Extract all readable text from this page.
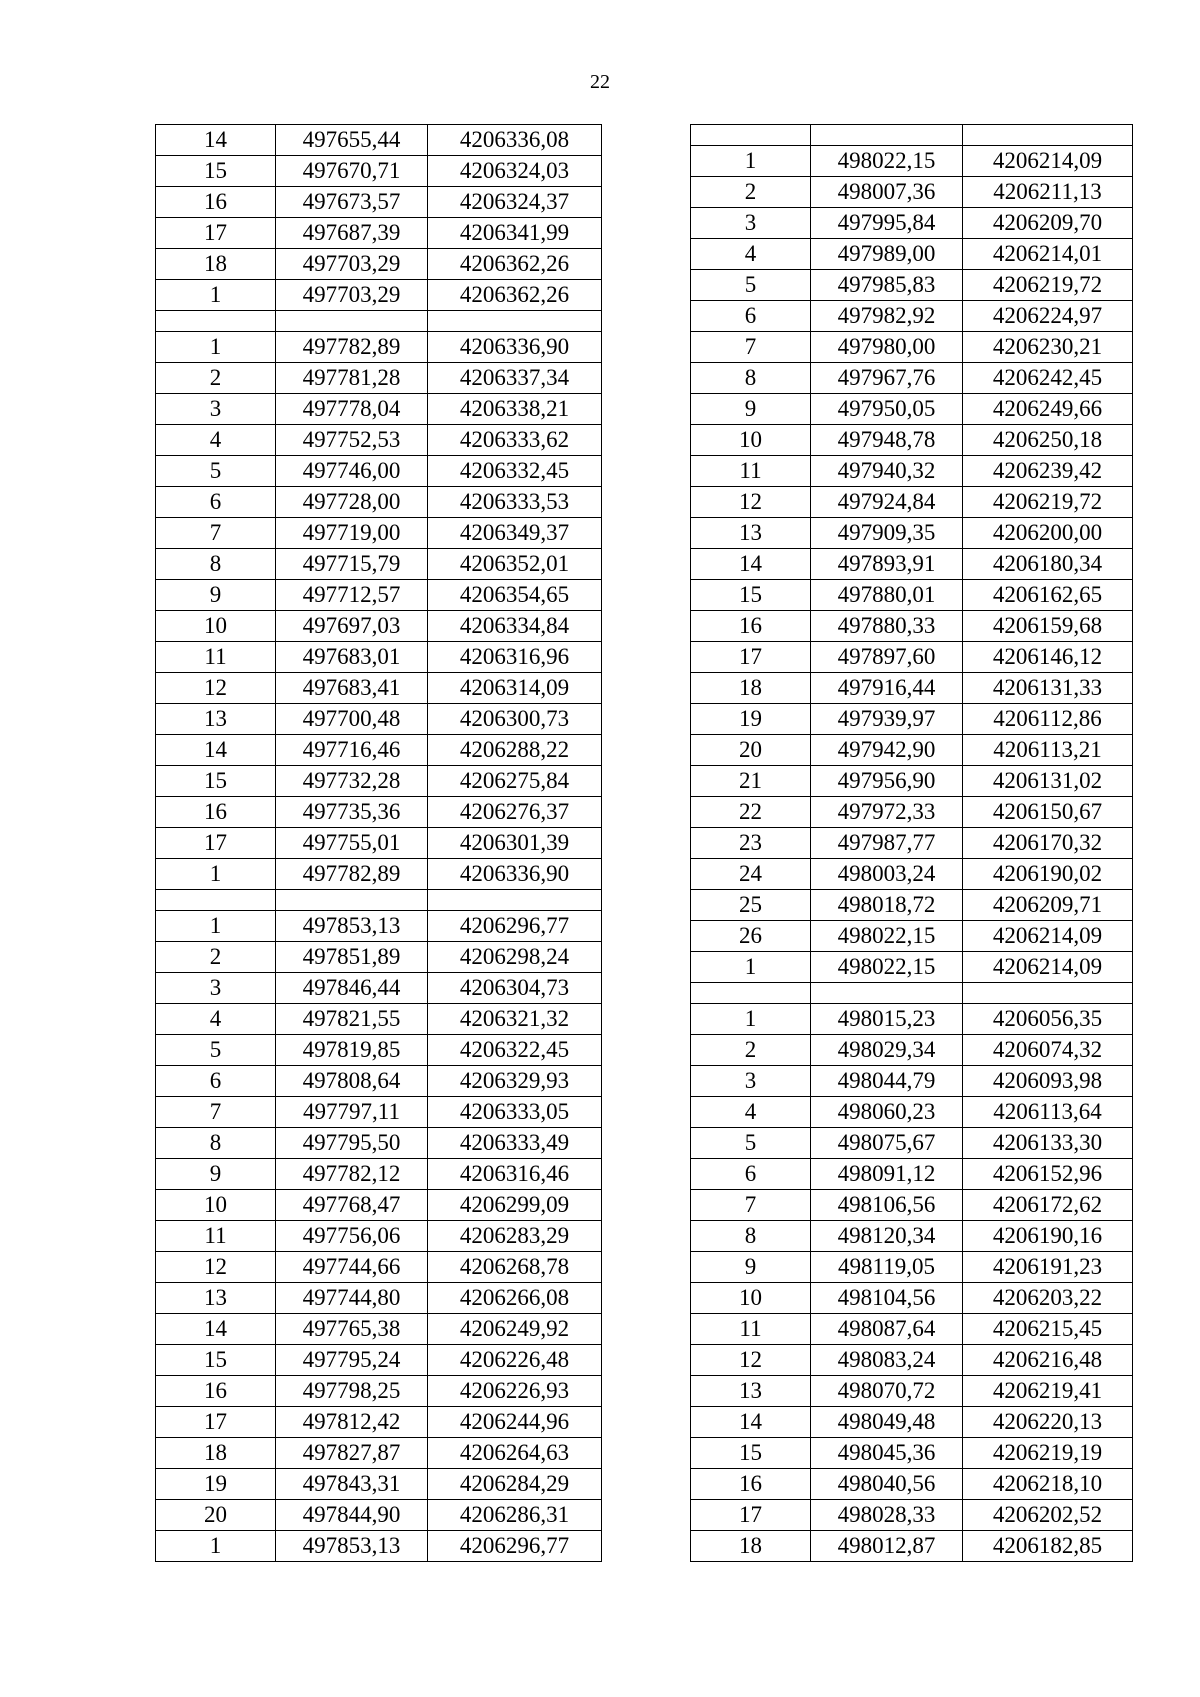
22
14	497655,44	4206336,08
15	497670,71	4206324,03
16	497673,57	4206324,37
17	497687,39	4206341,99
18	497703,29	4206362,26
1	497703,29	4206362,26

1	497782,89	4206336,90
2	497781,28	4206337,34
3	497778,04	4206338,21
4	497752,53	4206333,62
5	497746,00	4206332,45
6	497728,00	4206333,53
7	497719,00	4206349,37
8	497715,79	4206352,01
9	497712,57	4206354,65
10	497697,03	4206334,84
11	497683,01	4206316,96
12	497683,41	4206314,09
13	497700,48	4206300,73
14	497716,46	4206288,22
15	497732,28	4206275,84
16	497735,36	4206276,37
17	497755,01	4206301,39
1	497782,89	4206336,90

1	497853,13	4206296,77
2	497851,89	4206298,24
3	497846,44	4206304,73
4	497821,55	4206321,32
5	497819,85	4206322,45
6	497808,64	4206329,93
7	497797,11	4206333,05
8	497795,50	4206333,49
9	497782,12	4206316,46
10	497768,47	4206299,09
11	497756,06	4206283,29
12	497744,66	4206268,78
13	497744,80	4206266,08
14	497765,38	4206249,92
15	497795,24	4206226,48
16	497798,25	4206226,93
17	497812,42	4206244,96
18	497827,87	4206264,63
19	497843,31	4206284,29
20	497844,90	4206286,31
1	497853,13	4206296,77

1	498022,15	4206214,09
2	498007,36	4206211,13
3	497995,84	4206209,70
4	497989,00	4206214,01
5	497985,83	4206219,72
6	497982,92	4206224,97
7	497980,00	4206230,21
8	497967,76	4206242,45
9	497950,05	4206249,66
10	497948,78	4206250,18
11	497940,32	4206239,42
12	497924,84	4206219,72
13	497909,35	4206200,00
14	497893,91	4206180,34
15	497880,01	4206162,65
16	497880,33	4206159,68
17	497897,60	4206146,12
18	497916,44	4206131,33
19	497939,97	4206112,86
20	497942,90	4206113,21
21	497956,90	4206131,02
22	497972,33	4206150,67
23	497987,77	4206170,32
24	498003,24	4206190,02
25	498018,72	4206209,71
26	498022,15	4206214,09
1	498022,15	4206214,09

1	498015,23	4206056,35
2	498029,34	4206074,32
3	498044,79	4206093,98
4	498060,23	4206113,64
5	498075,67	4206133,30
6	498091,12	4206152,96
7	498106,56	4206172,62
8	498120,34	4206190,16
9	498119,05	4206191,23
10	498104,56	4206203,22
11	498087,64	4206215,45
12	498083,24	4206216,48
13	498070,72	4206219,41
14	498049,48	4206220,13
15	498045,36	4206219,19
16	498040,56	4206218,10
17	498028,33	4206202,52
18	498012,87	4206182,85
